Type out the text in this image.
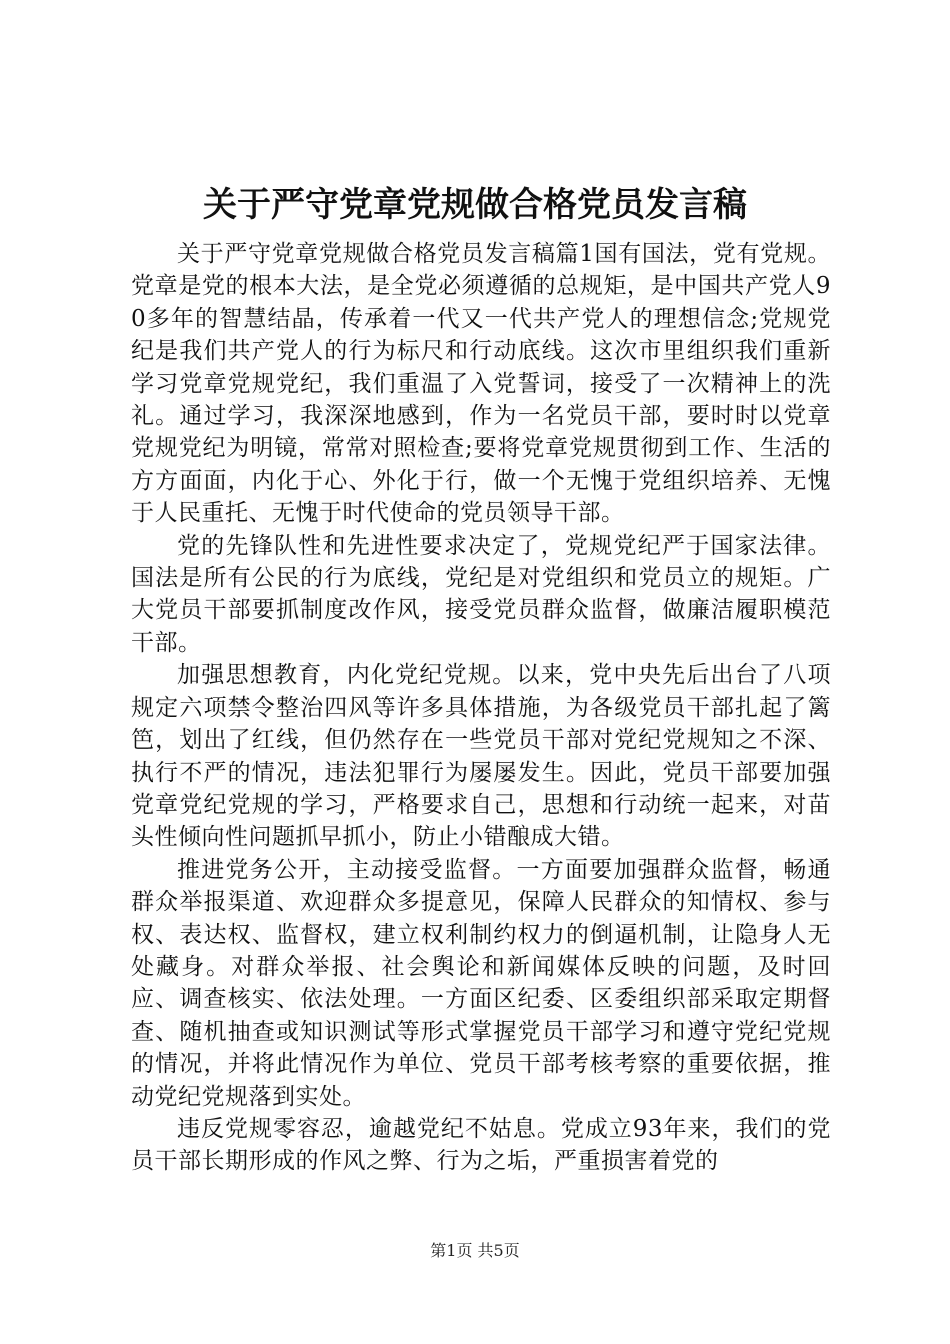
关于严守党章党规做合格党员发言稿

关于严守党章党规做合格党员发言稿篇1国有国法，党有党规。党章是党的根本大法，是全党必须遵循的总规矩，是中国共产党人90多年的智慧结晶，传承着一代又一代共产党人的理想信念;党规党纪是我们共产党人的行为标尺和行动底线。这次市里组织我们重新学习党章党规党纪，我们重温了入党誓词，接受了一次精神上的洗礼。通过学习，我深深地感到，作为一名党员干部，要时时以党章党规党纪为明镜，常常对照检查;要将党章党规贯彻到工作、生活的方方面面，内化于心、外化于行，做一个无愧于党组织培养、无愧于人民重托、无愧于时代使命的党员领导干部。

党的先锋队性和先进性要求决定了，党规党纪严于国家法律。国法是所有公民的行为底线，党纪是对党组织和党员立的规矩。广大党员干部要抓制度改作风，接受党员群众监督，做廉洁履职模范干部。

加强思想教育，内化党纪党规。以来，党中央先后出台了八项规定六项禁令整治四风等许多具体措施，为各级党员干部扎起了篱笆，划出了红线，但仍然存在一些党员干部对党纪党规知之不深、执行不严的情况，违法犯罪行为屡屡发生。因此，党员干部要加强党章党纪党规的学习，严格要求自己，思想和行动统一起来，对苗头性倾向性问题抓早抓小，防止小错酿成大错。

推进党务公开，主动接受监督。一方面要加强群众监督，畅通群众举报渠道、欢迎群众多提意见，保障人民群众的知情权、参与权、表达权、监督权，建立权利制约权力的倒逼机制，让隐身人无处藏身。对群众举报、社会舆论和新闻媒体反映的问题，及时回应、调查核实、依法处理。一方面区纪委、区委组织部采取定期督查、随机抽查或知识测试等形式掌握党员干部学习和遵守党纪党规的情况，并将此情况作为单位、党员干部考核考察的重要依据，推动党纪党规落到实处。

违反党规零容忍，逾越党纪不姑息。党成立93年来，我们的党员干部长期形成的作风之弊、行为之垢，严重损害着党的

第1页 共5页
